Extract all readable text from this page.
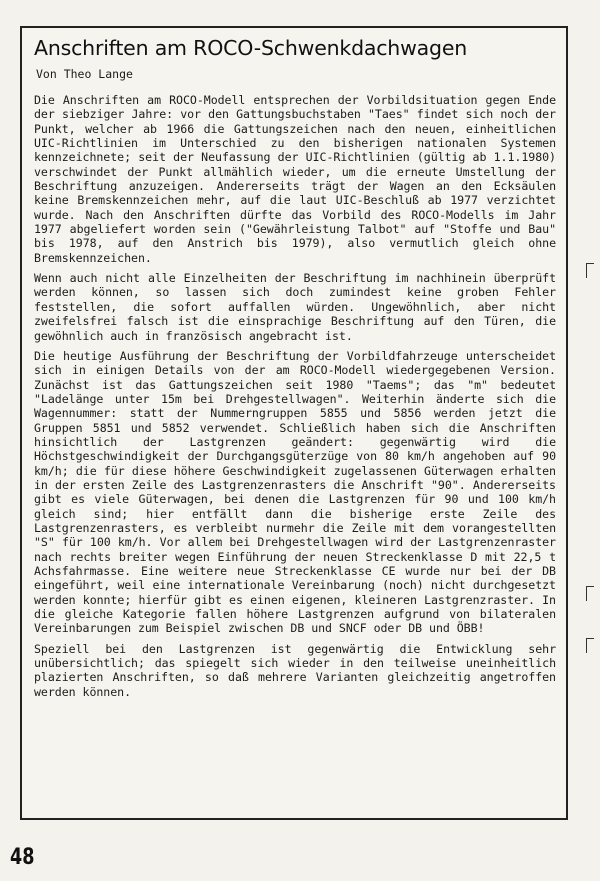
Anschriften am ROCO-Schwenkdachwagen
Von Theo Lange

Die Anschriften am ROCO-Modell entsprechen der Vorbildsituation gegen Ende der siebziger Jahre: vor den Gattungsbuchstaben "Taes" findet sich noch der Punkt, welcher ab 1966 die Gattungszeichen nach den neuen, einheitlichen UIC-Richtlinien im Unterschied zu den bisherigen nationalen Systemen kennzeichnete; seit der Neufassung der UIC-Richtlinien (gültig ab 1.1.1980) verschwindet der Punkt allmählich wieder, um die erneute Umstellung der Beschriftung anzuzeigen. Andererseits trägt der Wagen an den Ecksäulen keine Bremskennzeichen mehr, auf die laut UIC-Beschluß ab 1977 verzichtet wurde. Nach den Anschriften dürfte das Vorbild des ROCO-Modells im Jahr 1977 abgeliefert worden sein ("Gewährleistung Talbot" auf "Stoffe und Bau" bis 1978, auf den Anstrich bis 1979), also vermutlich gleich ohne Bremskennzeichen.

Wenn auch nicht alle Einzelheiten der Beschriftung im nachhinein überprüft werden können, so lassen sich doch zumindest keine groben Fehler feststellen, die sofort auffallen würden. Ungewöhnlich, aber nicht zweifelsfrei falsch ist die einsprachige Beschriftung auf den Türen, die gewöhnlich auch in französisch angebracht ist.

Die heutige Ausführung der Beschriftung der Vorbildfahrzeuge unterscheidet sich in einigen Details von der am ROCO-Modell wiedergegebenen Version. Zunächst ist das Gattungszeichen seit 1980 "Taems"; das "m" bedeutet "Ladelänge unter 15m bei Drehgestellwagen". Weiterhin änderte sich die Wagennummer: statt der Nummerngruppen 5855 und 5856 werden jetzt die Gruppen 5851 und 5852 verwendet. Schließlich haben sich die Anschriften hinsichtlich der Lastgrenzen geändert: gegenwärtig wird die Höchstgeschwindigkeit der Durchgangsgüterzüge von 80 km/h angehoben auf 90 km/h; die für diese höhere Geschwindigkeit zugelassenen Güterwagen erhalten in der ersten Zeile des Lastgrenzenrasters die Anschrift "90". Andererseits gibt es viele Güterwagen, bei denen die Lastgrenzen für 90 und 100 km/h gleich sind; hier entfällt dann die bisherige erste Zeile des Lastgrenzenrasters, es verbleibt nurmehr die Zeile mit dem vorangestellten "S" für 100 km/h. Vor allem bei Drehgestellwagen wird der Lastgrenzenraster nach rechts breiter wegen Einführung der neuen Streckenklasse D mit 22,5 t Achsfahrmasse. Eine weitere neue Streckenklasse CE wurde nur bei der DB eingeführt, weil eine internationale Vereinbarung (noch) nicht durchgesetzt werden konnte; hierfür gibt es einen eigenen, kleineren Lastgrenzraster. In die gleiche Kategorie fallen höhere Lastgrenzen aufgrund von bilateralen Vereinbarungen zum Beispiel zwischen DB und SNCF oder DB und ÖBB!

Speziell bei den Lastgrenzen ist gegenwärtig die Entwicklung sehr unübersichtlich; das spiegelt sich wieder in den teilweise uneinheitlich plazierten Anschriften, so daß mehrere Varianten gleichzeitig angetroffen werden können.

48
